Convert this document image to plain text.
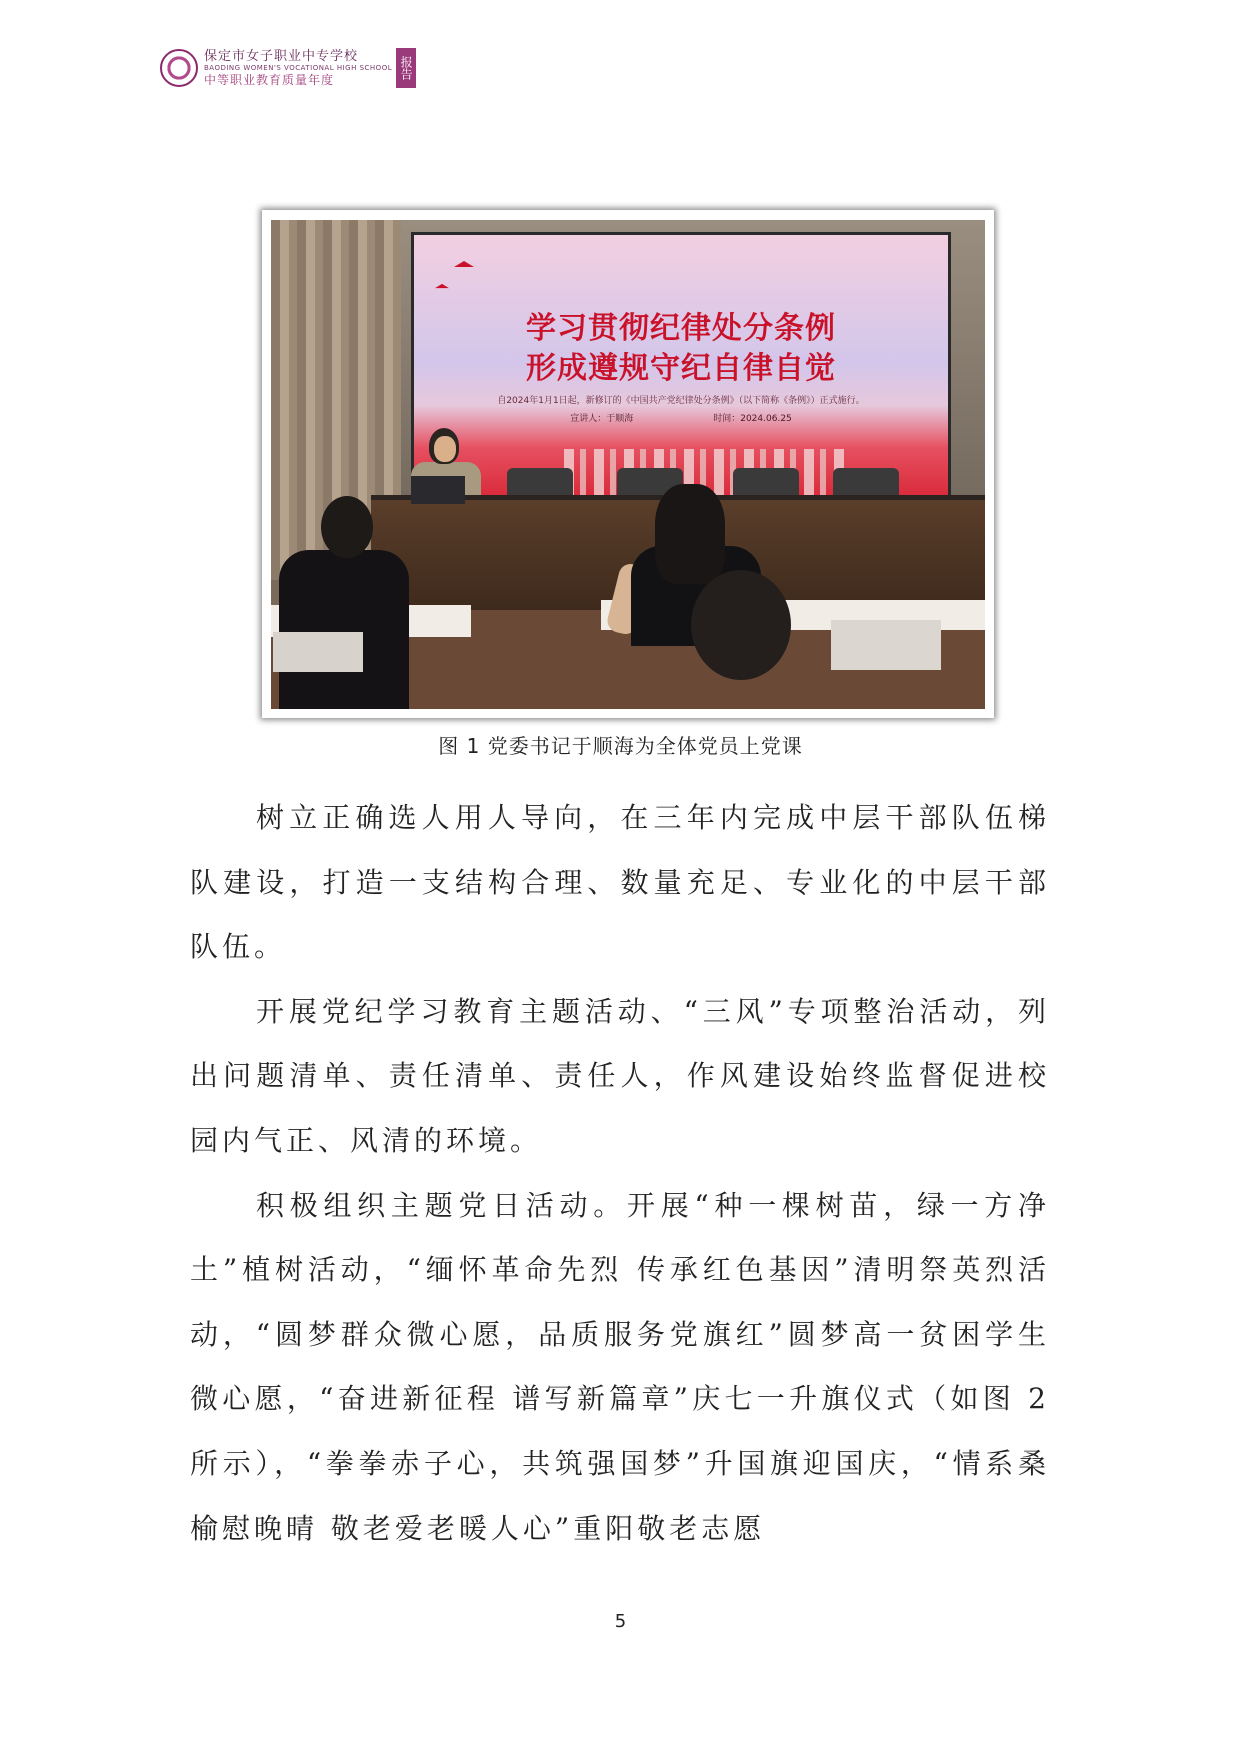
保定市女子职业中专学校
BAODING WOMEN'S VOCATIONAL HIGH SCHOOL
中等职业教育质量年度	报告
学习贯彻纪律处分条例
形成遵规守纪自律自觉
自2024年1月1日起，新修订的《中国共产党纪律处分条例》（以下简称《条例》）正式施行。
宣讲人：于顺海	时间：2024.06.25
图 1 党委书记于顺海为全体党员上党课

树立正确选人用人导向，在三年内完成中层干部队伍梯队建设，打造一支结构合理、数量充足、专业化的中层干部队伍。

开展党纪学习教育主题活动、“三风”专项整治活动，列出问题清单、责任清单、责任人，作风建设始终监督促进校园内气正、风清的环境。

积极组织主题党日活动。开展“种一棵树苗，绿一方净土”植树活动，“缅怀革命先烈 传承红色基因”清明祭英烈活动，“圆梦群众微心愿，品质服务党旗红”圆梦高一贫困学生微心愿，“奋进新征程 谱写新篇章”庆七一升旗仪式（如图 2 所示），“拳拳赤子心，共筑强国梦”升国旗迎国庆，“情系桑榆慰晚晴 敬老爱老暖人心”重阳敬老志愿

5
